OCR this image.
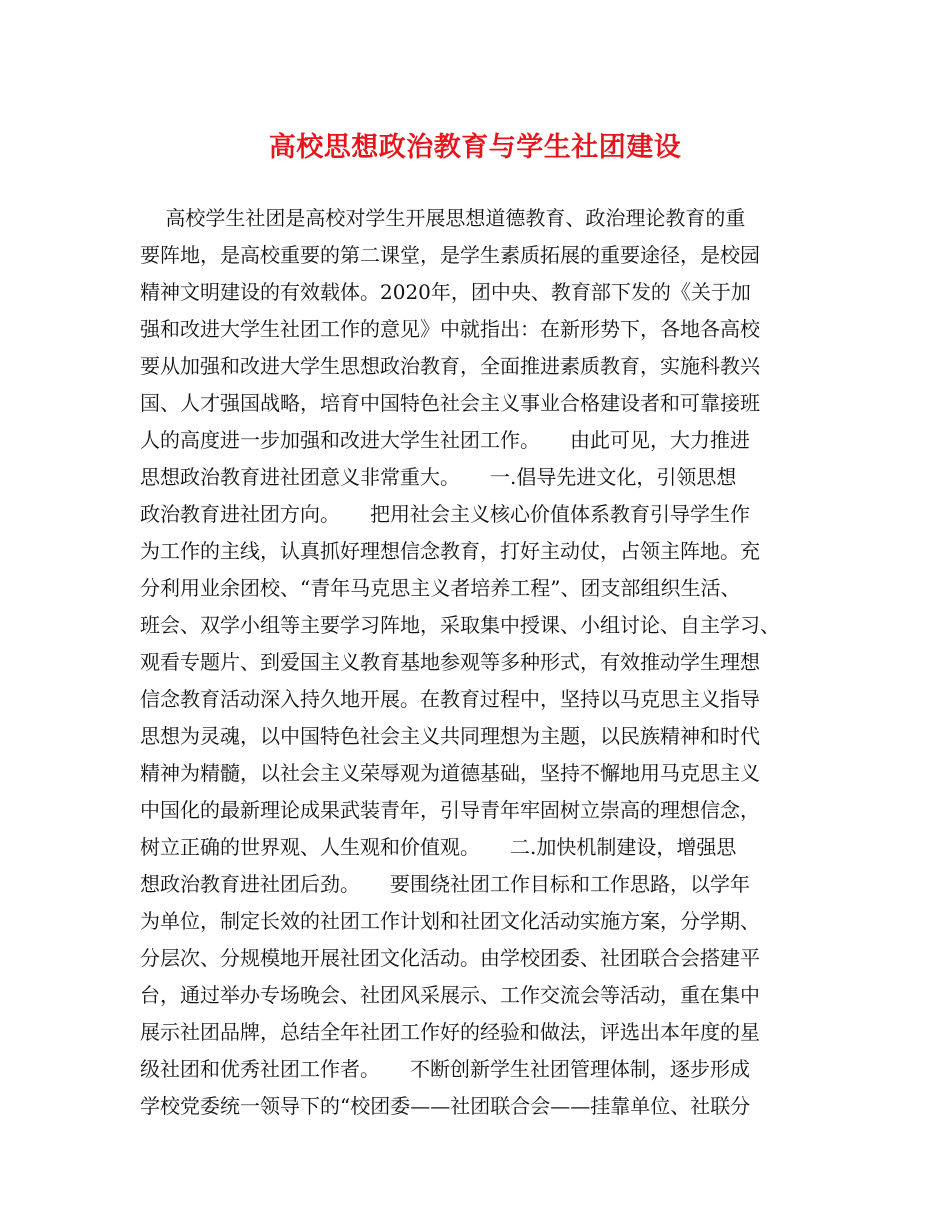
高校思想政治教育与学生社团建设
高校学生社团是高校对学生开展思想道德教育、政治理论教育的重
要阵地，是高校重要的第二课堂，是学生素质拓展的重要途径，是校园
精神文明建设的有效载体。2020年，团中央、教育部下发的《关于加
强和改进大学生社团工作的意见》中就指出：在新形势下，各地各高校
要从加强和改进大学生思想政治教育，全面推进素质教育，实施科教兴
国、人才强国战略，培育中国特色社会主义事业合格建设者和可靠接班
人的高度进一步加强和改进大学生社团工作。　　由此可见，大力推进
思想政治教育进社团意义非常重大。　　一.倡导先进文化，引领思想
政治教育进社团方向。　　把用社会主义核心价值体系教育引导学生作
为工作的主线，认真抓好理想信念教育，打好主动仗，占领主阵地。充
分利用业余团校、“青年马克思主义者培养工程”、团支部组织生活、
班会、双学小组等主要学习阵地，采取集中授课、小组讨论、自主学习、
观看专题片、到爱国主义教育基地参观等多种形式，有效推动学生理想
信念教育活动深入持久地开展。在教育过程中，坚持以马克思主义指导
思想为灵魂，以中国特色社会主义共同理想为主题，以民族精神和时代
精神为精髓，以社会主义荣辱观为道德基础，坚持不懈地用马克思主义
中国化的最新理论成果武装青年，引导青年牢固树立崇高的理想信念，
树立正确的世界观、人生观和价值观。　　二.加快机制建设，增强思
想政治教育进社团后劲。　　要围绕社团工作目标和工作思路，以学年
为单位，制定长效的社团工作计划和社团文化活动实施方案，分学期、
分层次、分规模地开展社团文化活动。由学校团委、社团联合会搭建平
台，通过举办专场晚会、社团风采展示、工作交流会等活动，重在集中
展示社团品牌，总结全年社团工作好的经验和做法，评选出本年度的星
级社团和优秀社团工作者。　　不断创新学生社团管理体制，逐步形成
学校党委统一领导下的“校团委——社团联合会——挂靠单位、社联分
